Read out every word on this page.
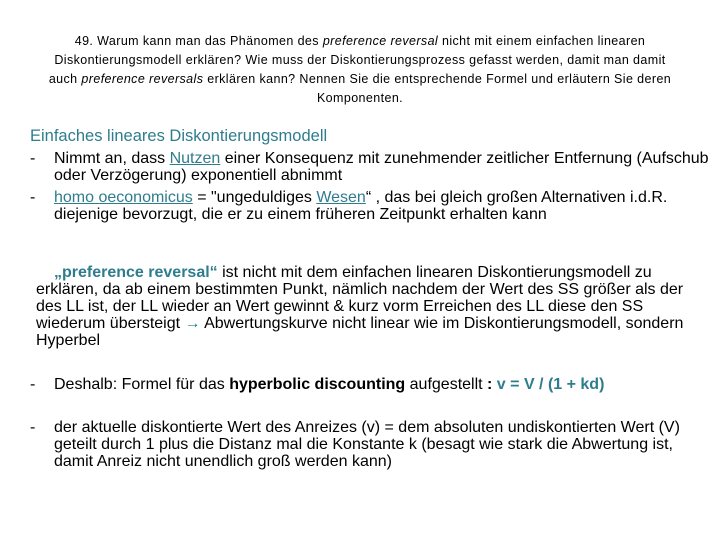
49. Warum kann man das Phänomen des preference reversal nicht mit einem einfachen linearen Diskontierungsmodell erklären? Wie muss der Diskontierungsprozess gefasst werden, damit man damit auch preference reversals erklären kann? Nennen Sie die entsprechende Formel und erläutern Sie deren Komponenten.
Einfaches lineares Diskontierungsmodell
-	Nimmt an, dass Nutzen einer Konsequenz mit zunehmender zeitlicher Entfernung (Aufschub oder Verzögerung) exponentiell abnimmt
-	homo oeconomicus = "ungeduldiges Wesen“ , das bei gleich großen Alternativen i.d.R. diejenige bevorzugt, die er zu einem früheren Zeitpunkt erhalten kann
„preference reversal“ ist nicht mit dem einfachen linearen Diskontierungsmodell zu erklären, da ab einem bestimmten Punkt, nämlich nachdem der Wert des SS größer als der des LL ist, der LL wieder an Wert gewinnt & kurz vorm Erreichen des LL diese den SS wiederum übersteigt → Abwertungskurve nicht linear wie im Diskontierungsmodell, sondern Hyperbel
-	Deshalb: Formel für das hyperbolic discounting aufgestellt : v = V / (1 + kd)
-	der aktuelle diskontierte Wert des Anreizes (v) = dem absoluten undiskontierten Wert (V) geteilt durch 1 plus die Distanz mal die Konstante k (besagt wie stark die Abwertung ist, damit Anreiz nicht unendlich groß werden kann)
